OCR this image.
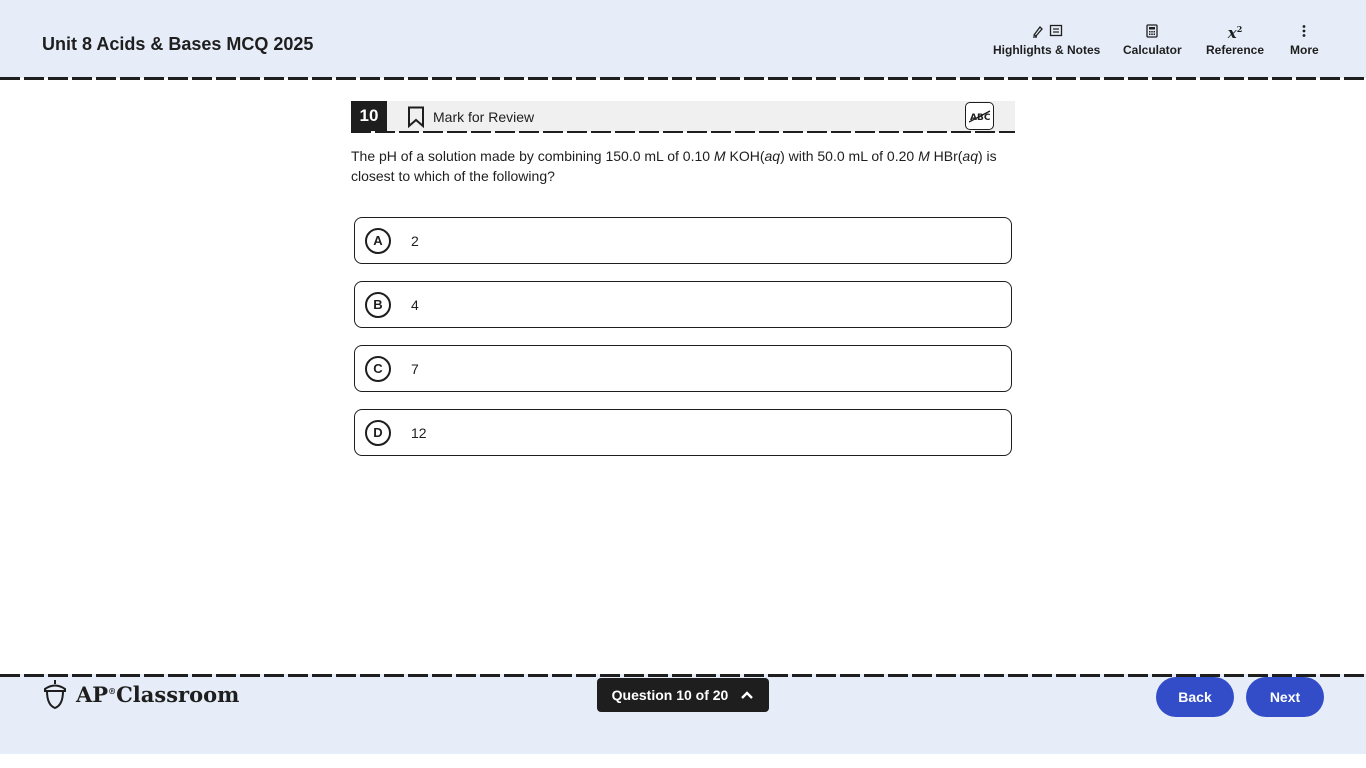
Unit 8 Acids & Bases MCQ 2025	Highlights & Notes Calculator
$x^2$
Reference More
10	Mark for Review	ABC
The pH of a solution made by combining 150.0 mL of 0.10 M KOH(aq) with 50.0 mL of 0.20 M HBr(aq) is closest to which of the following?
A	2
B	4
C	7
D	12
AP®Classroom	Question 10 of 20	Back	Next
